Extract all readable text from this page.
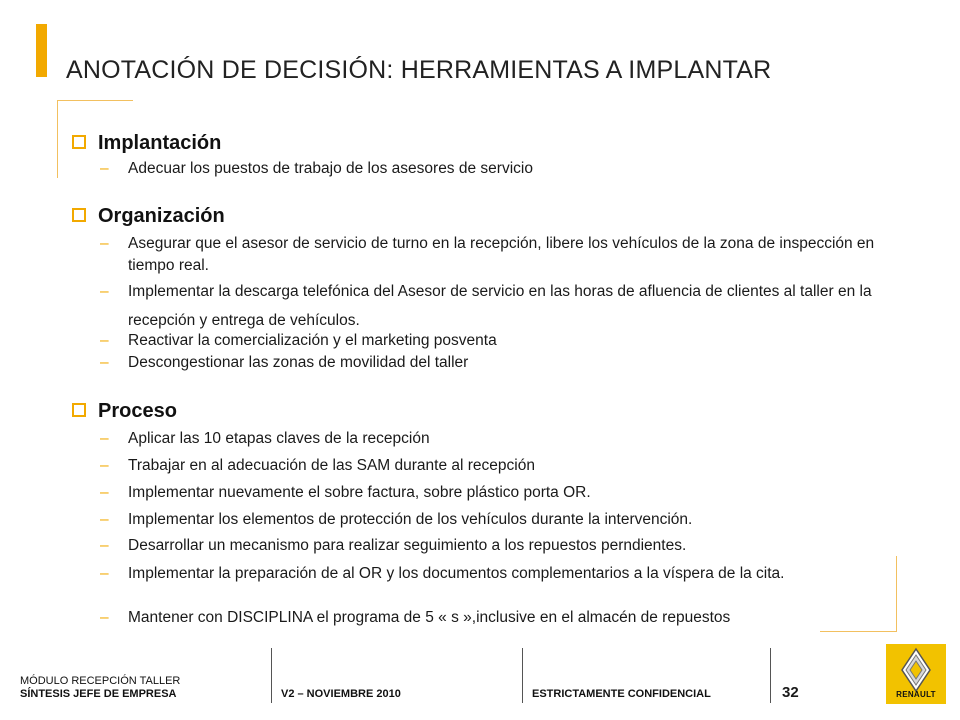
ANOTACIÓN DE DECISIÓN: HERRAMIENTAS A IMPLANTAR
Implantación
– Adecuar los puestos de trabajo de los asesores de servicio
Organización
– Asegurar que el asesor de servicio de turno en la recepción, libere los vehículos de la zona de inspección en tiempo real.
– Implementar la descarga telefónica del Asesor de servicio en las horas de afluencia de clientes al taller en la recepción y entrega de vehículos.
– Reactivar la comercialización y el marketing posventa
– Descongestionar las zonas de movilidad del taller
Proceso
– Aplicar las 10 etapas claves de la recepción
– Trabajar en al adecuación de las SAM durante al recepción
– Implementar nuevamente el sobre factura, sobre plástico porta OR.
– Implementar los elementos de protección de los vehículos durante la intervención.
– Desarrollar un mecanismo para realizar seguimiento a los repuestos perndientes.
– Implementar la preparación de al OR y los documentos complementarios a la víspera de la cita.
– Mantener con DISCIPLINA el programa de 5 « s »,inclusive en el almacén de repuestos
MÓDULO RECEPCIÓN TALLER
SÍNTESIS JEFE DE EMPRESA	V2 – NOVIEMBRE 2010	ESTRICTAMENTE CONFIDENCIAL	32	RENAULT
